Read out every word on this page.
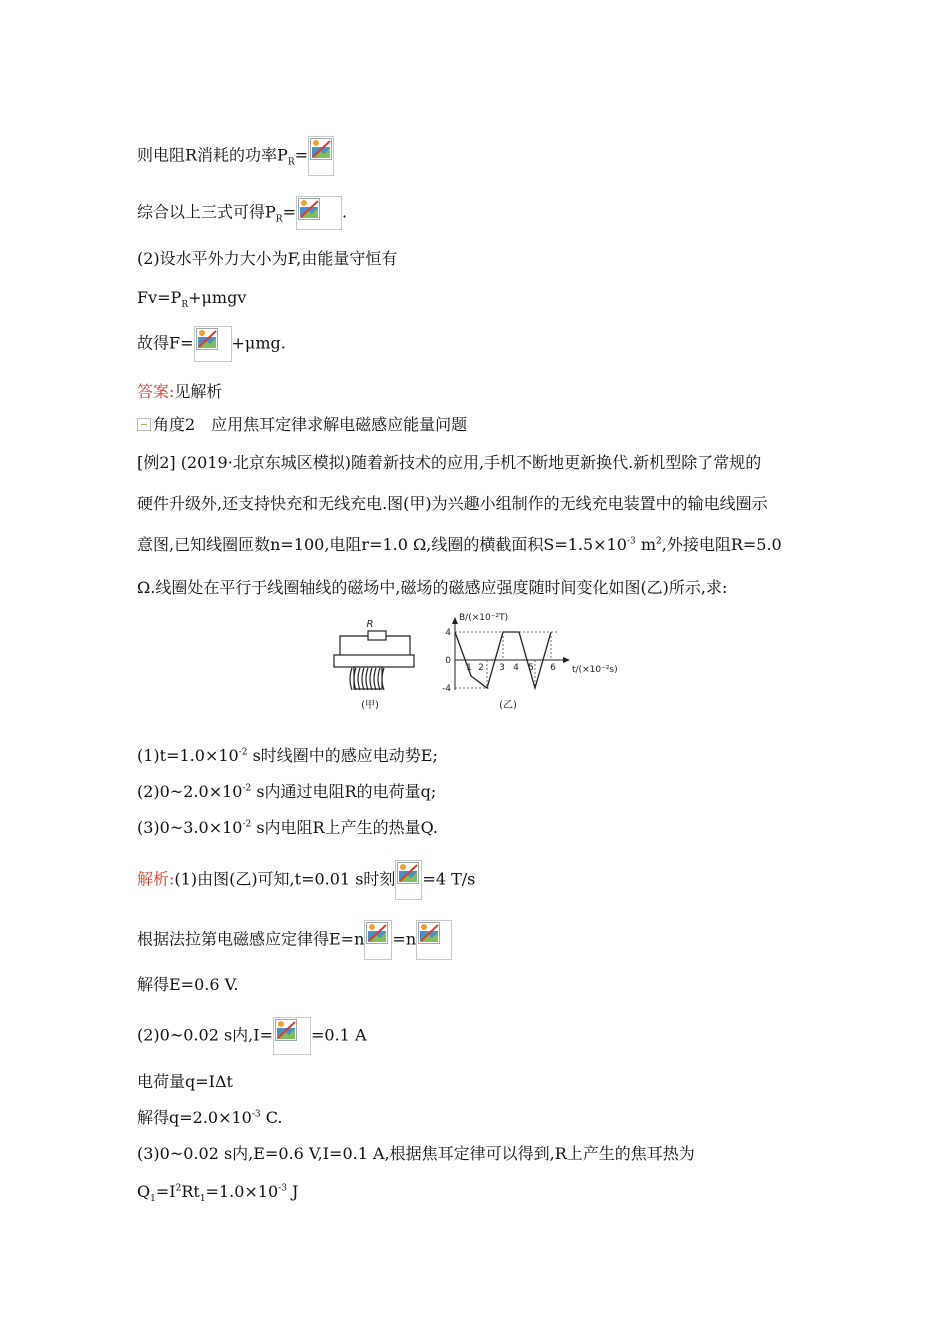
则电阻R消耗的功率$P_R=$
综合以上三式可得$P_R=$	.
(2)设水平外力大小为F,由能量守恒有
$Fv=P_R+\mu mgv$
故得F= +μmg.
答案:见解析
角度2　应用焦耳定律求解电磁感应能量问题
[例2] (2019·北京东城区模拟)随着新技术的应用,手机不断地更新换代.新机型除了常规的
硬件升级外,还支持快充和无线充电.图(甲)为兴趣小组制作的无线充电装置中的输电线圈示
意图,已知线圈匝数n=100,电阻r=1.0 Ω,线圈的横截面积$S=1.5\times 10^{-3}$ $m^2$,外接电阻R=5.0
Ω.线圈处在平行于线圈轴线的磁场中,磁场的磁感应强度随时间变化如图(乙)所示,求:
R
(甲)
B/(×10⁻²T)
t/(×10⁻²s)
4
0
-4
1 2 3 4 5 6
(乙)
$(1)t=1.0\times 10^{-2}$ s时线圈中的感应电动势E;
$(2)0\sim 2.0\times 10^{-2}$ s内通过电阻R的电荷量q;
$(3)0\sim 3.0\times 10^{-2}$ s内电阻R上产生的热量Q.
解析:(1)由图(乙)可知,t=0.01 s时刻 =4 T/s
根据法拉第电磁感应定律得E=n =n
解得E=0.6 V.
(2)0~0.02 s内,I= =0.1 A
电荷量q=IΔt
解得$q=2.0\times 10^{-3}$ C.
(3)0~0.02 s内,E=0.6 V,I=0.1 A,根据焦耳定律可以得到,R上产生的焦耳热为
$Q_1=I^2Rt_1=1.0\times 10^{-3}$ J
